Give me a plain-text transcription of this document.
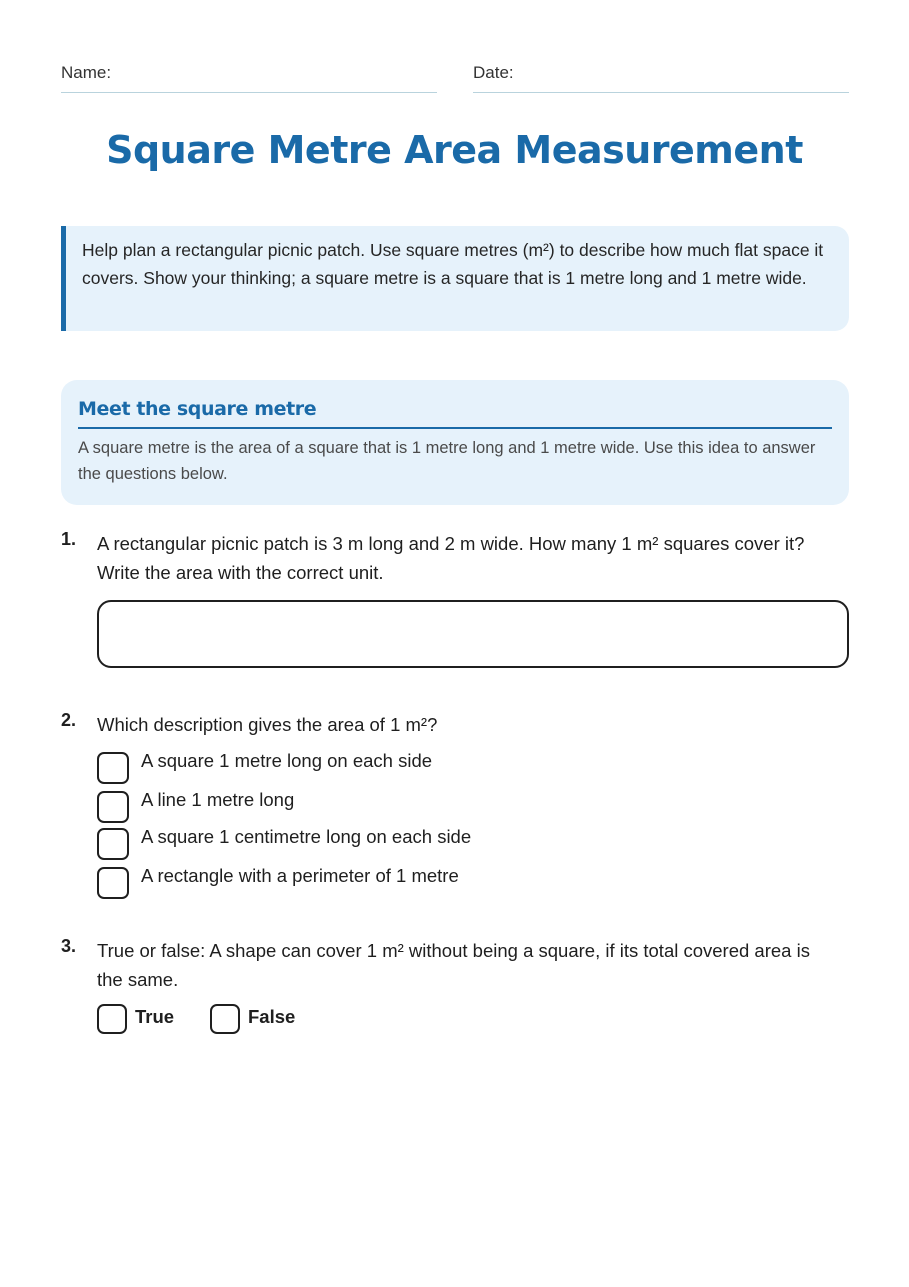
Name:	Date:
Square Metre Area Measurement
Help plan a rectangular picnic patch. Use square metres (m²) to describe how much flat space it covers. Show your thinking; a square metre is a square that is 1 metre long and 1 metre wide.
Meet the square metre

A square metre is the area of a square that is 1 metre long and 1 metre wide. Use this idea to answer the questions below.

1. A rectangular picnic patch is 3 m long and 2 m wide. How many 1 m² squares cover it? Write the area with the correct unit.
2. Which description gives the area of 1 m²?
A square 1 metre long on each side
A line 1 metre long
A square 1 centimetre long on each side
A rectangle with a perimeter of 1 metre
3. True or false: A shape can cover 1 m² without being a square, if its total covered area is the same.
True	False
